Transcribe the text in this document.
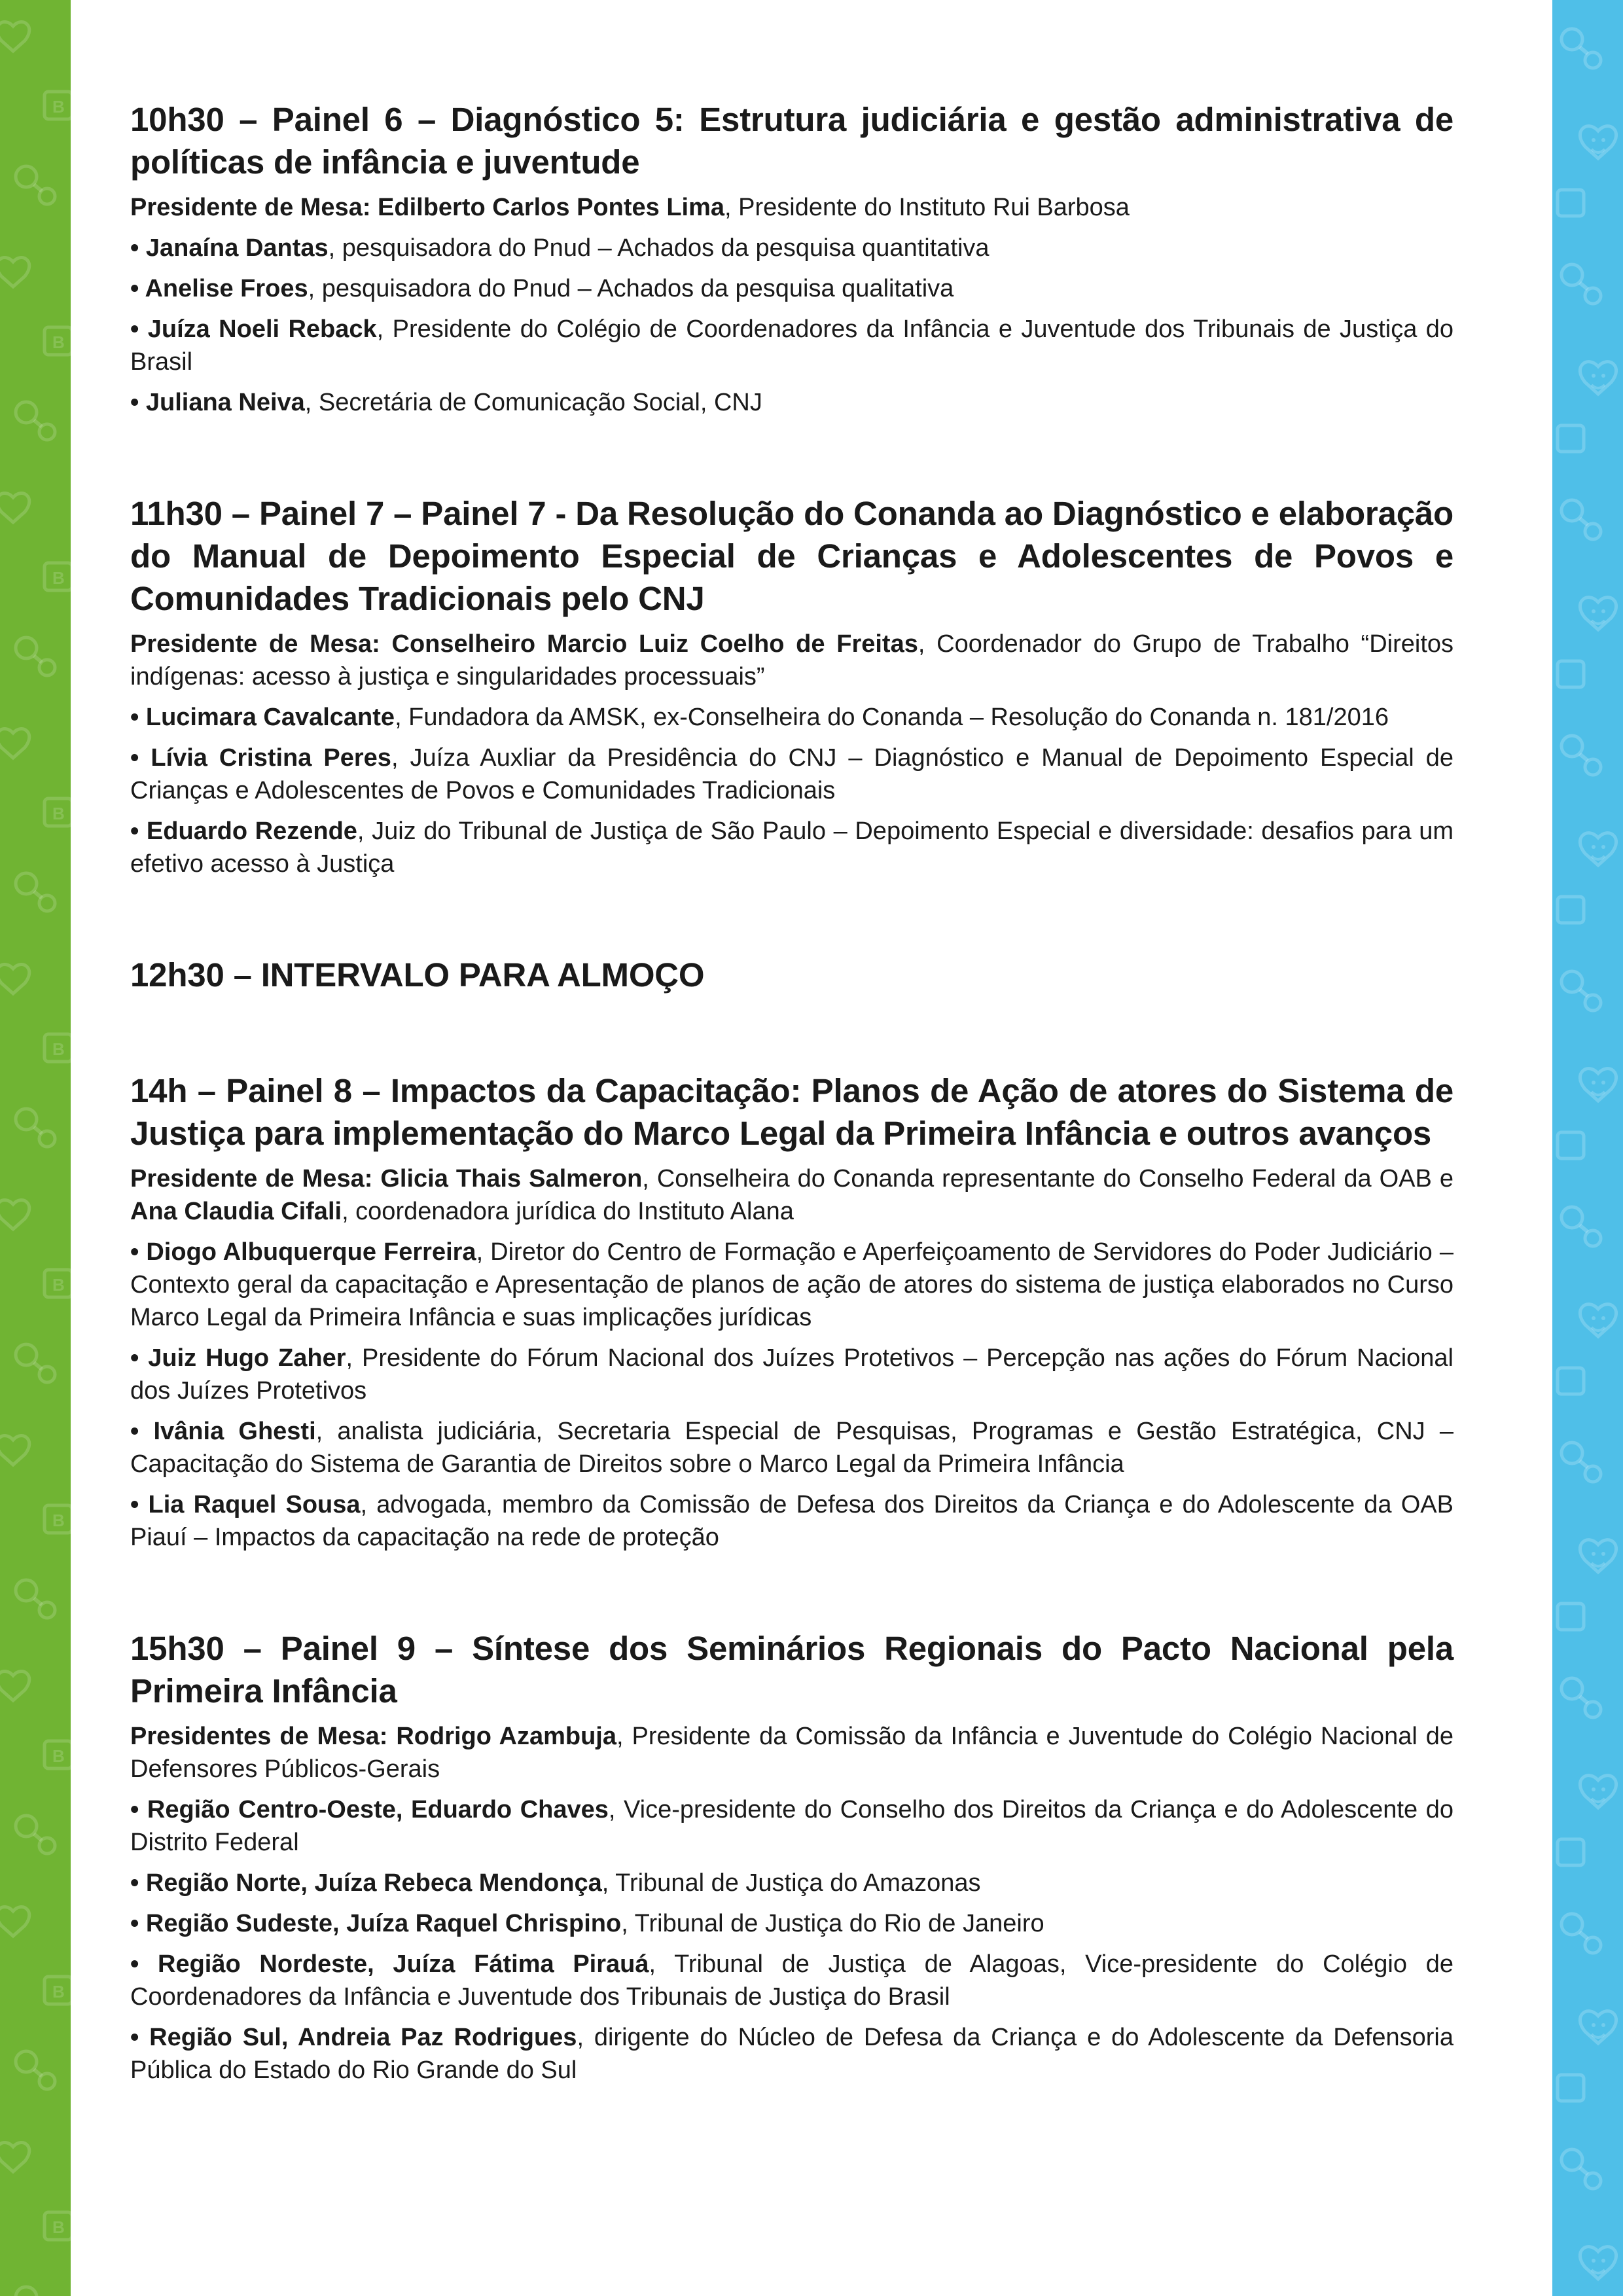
10h30 – Painel 6 – Diagnóstico 5: Estrutura judiciária e gestão administrativa de políticas de infância e juventude

Presidente de Mesa: Edilberto Carlos Pontes Lima, Presidente do Instituto Rui Barbosa

• Janaína Dantas, pesquisadora do Pnud – Achados da pesquisa quantitativa

• Anelise Froes, pesquisadora do Pnud – Achados da pesquisa qualitativa

• Juíza Noeli Reback, Presidente do Colégio de Coordenadores da Infância e Juventude dos Tribunais de Justiça do Brasil

• Juliana Neiva, Secretária de Comunicação Social, CNJ

11h30 – Painel 7 – Painel 7 - Da Resolução do Conanda ao Diagnóstico e elaboração do Manual de Depoimento Especial de Crianças e Adolescentes de Povos e Comunidades Tradicionais pelo CNJ

Presidente de Mesa: Conselheiro Marcio Luiz Coelho de Freitas, Coordenador do Grupo de Trabalho “Direitos indígenas: acesso à justiça e singularidades processuais”

• Lucimara Cavalcante, Fundadora da AMSK, ex-Conselheira do Conanda – Resolução do Conanda n. 181/2016

• Lívia Cristina Peres, Juíza Auxliar da Presidência do CNJ – Diagnóstico e Manual de Depoimento Especial de Crianças e Adolescentes de Povos e Comunidades Tradicionais

• Eduardo Rezende, Juiz do Tribunal de Justiça de São Paulo – Depoimento Especial e diversidade: desafios para um efetivo acesso à Justiça

12h30 – INTERVALO PARA ALMOÇO
14h – Painel 8 – Impactos da Capacitação: Planos de Ação de atores do Sistema de Justiça para implementação do Marco Legal da Primeira Infância e outros avanços

Presidente de Mesa: Glicia Thais Salmeron, Conselheira do Conanda representante do Conselho Federal da OAB e Ana Claudia Cifali, coordenadora jurídica do Instituto Alana

• Diogo Albuquerque Ferreira, Diretor do Centro de Formação e Aperfeiçoamento de Servidores do Poder Judiciário – Contexto geral da capacitação e Apresentação de planos de ação de atores do sistema de justiça elaborados no Curso Marco Legal da Primeira Infância e suas implicações jurídicas

• Juiz Hugo Zaher, Presidente do Fórum Nacional dos Juízes Protetivos – Percepção nas ações do Fórum Nacional dos Juízes Protetivos

• Ivânia Ghesti, analista judiciária, Secretaria Especial de Pesquisas, Programas e Gestão Estratégica, CNJ – Capacitação do Sistema de Garantia de Direitos sobre o Marco Legal da Primeira Infância

• Lia Raquel Sousa, advogada, membro da Comissão de Defesa dos Direitos da Criança e do Adolescente da OAB Piauí – Impactos da capacitação na rede de proteção

15h30 – Painel 9 – Síntese dos Seminários Regionais do Pacto Nacional pela Primeira Infância

Presidentes de Mesa: Rodrigo Azambuja, Presidente da Comissão da Infância e Juventude do Colégio Nacional de Defensores Públicos-Gerais

• Região Centro-Oeste, Eduardo Chaves, Vice-presidente do Conselho dos Direitos da Criança e do Adolescente do Distrito Federal

• Região Norte, Juíza Rebeca Mendonça, Tribunal de Justiça do Amazonas

• Região Sudeste, Juíza Raquel Chrispino, Tribunal de Justiça do Rio de Janeiro

• Região Nordeste, Juíza Fátima Pirauá, Tribunal de Justiça de Alagoas, Vice-presidente do Colégio de Coordenadores da Infância e Juventude dos Tribunais de Justiça do Brasil

• Região Sul, Andreia Paz Rodrigues, dirigente do Núcleo de Defesa da Criança e do Adolescente da Defensoria Pública do Estado do Rio Grande do Sul
